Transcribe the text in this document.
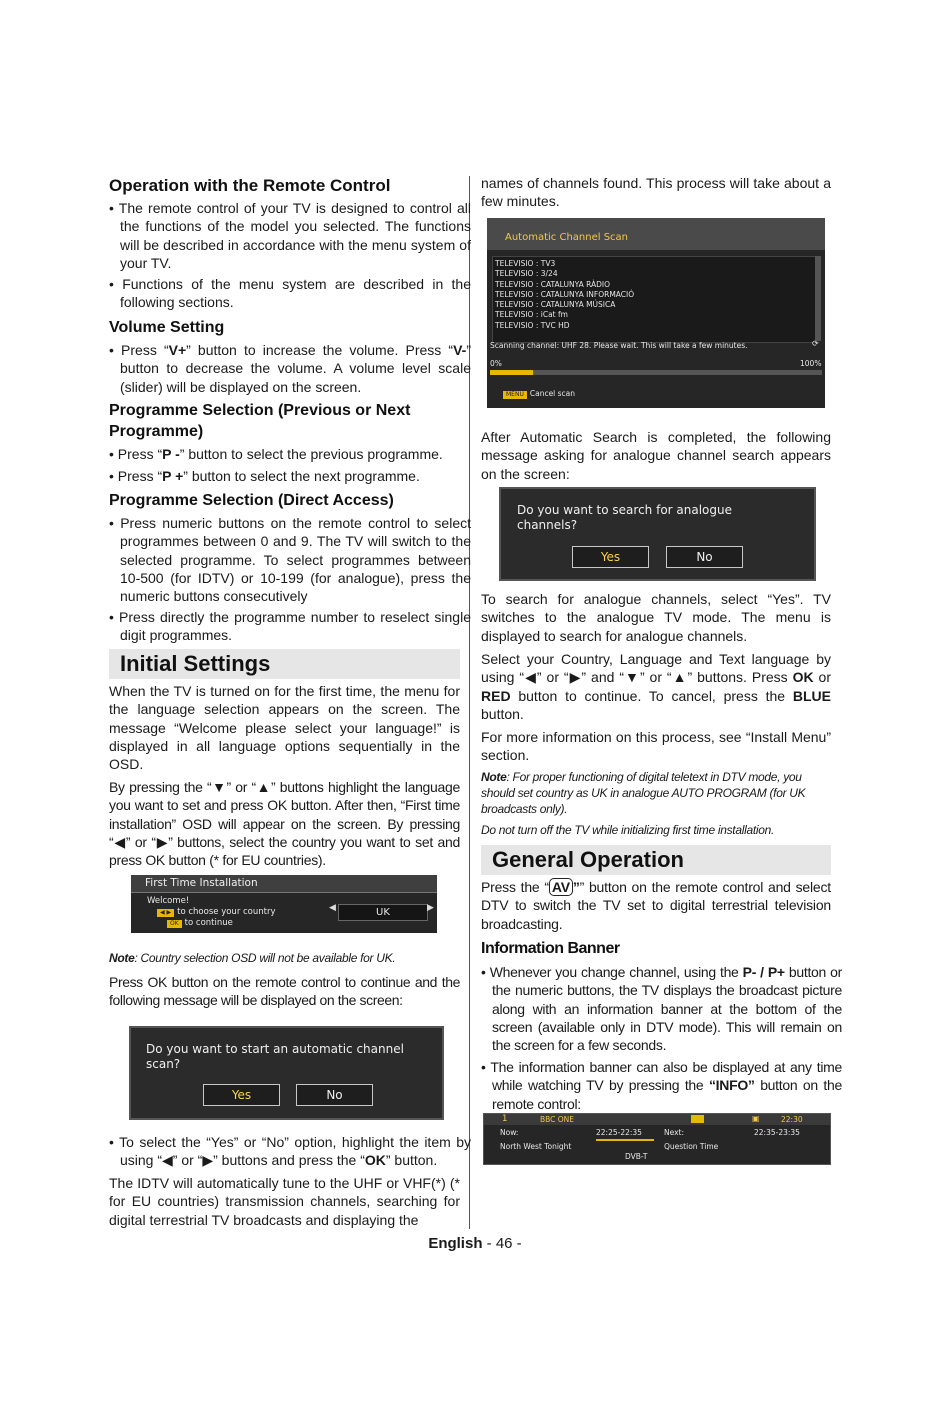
Operation with the Remote Control

• The remote control of your TV is designed to control all the functions of the model you selected. The functions will be described in accordance with the menu system of your TV.

• Functions of the menu system are described in the following sections.

Volume Setting

• Press “V+” button to increase the volume. Press “V-” button to decrease the volume. A volume level scale (slider) will be displayed on the screen.

Programme Selection (Previous or Next Programme)

• Press “P -” button to select the previous programme.

• Press “P +” button to select the next programme.

Programme Selection (Direct Access)

• Press numeric buttons on the remote control to select programmes between 0 and 9. The TV will switch to the selected programme. To select programmes between 10-500 (for IDTV) or 10-199 (for analogue), press the numeric buttons consecutively

• Press directly the programme number to reselect single digit programmes.

Initial Settings

When the TV is turned on for the first time, the menu for the language selection appears on the screen. The message “Welcome please select your language!” is displayed in all language options sequentially in the OSD.

By pressing the “▼” or “▲” buttons highlight the language you want to set and press OK button. After then, “First time installation” OSD will appear on the screen. By pressing “◀” or “▶” buttons, select the country you want to set and press OK button (* for EU countries).

First Time Installation
Welcome!
◀ ▶ to choose your country
OK to continue
◀	UK	▶

Note: Country selection OSD will not be available for UK.

Press OK button on the remote control to continue and the following message will be displayed on the screen:

Do you want to start an automatic channel scan?
Yes	No

• To select the “Yes” or “No” option, highlight the item by using “◀” or “▶” buttons and press the “OK” button.

The IDTV will automatically tune to the UHF or VHF(*) (* for EU countries) transmission channels, searching for digital terrestrial TV broadcasts and displaying the

names of channels found. This process will take about a few minutes.

Automatic Channel Scan
TELEVISIO : TV3
TELEVISIO : 3/24
TELEVISIO : CATALUNYA RÀDIO
TELEVISIO : CATALUNYA INFORMACIÓ
TELEVISIO : CATALUNYA MÚSICA
TELEVISIO : iCat fm
TELEVISIO : TVC HD
Scanning channel: UHF 28. Please wait. This will take a few minutes.	⟳
0%	100%
MENU Cancel scan

After Automatic Search is completed, the following message asking for analogue channel search appears on the screen:

Do you want to search for analogue channels?
Yes	No

To search for analogue channels, select “Yes”. TV switches to the analogue TV mode. The menu is displayed to search for analogue channels.

Select your Country, Language and Text language by using “◀” or “▶” and “▼” or “▲” buttons. Press OK or RED button to continue. To cancel, press the BLUE button.

For more information on this process, see “Install Menu” section.

Note: For proper functioning of digital teletext in DTV mode, you should set country as UK in analogue AUTO PROGRAM (for UK broadcasts only).

Do not turn off the TV while initializing first time installation.

General Operation

Press the “ AV ”” button on the remote control and select DTV to switch the TV set to digital terrestrial television broadcasting.

Information Banner

• Whenever you change channel, using the P- / P+ button or the numeric buttons, the TV displays the broadcast picture along with an information banner at the bottom of the screen (available only in DTV mode). This will remain on the screen for a few seconds.

• The information banner can also be displayed at any time while watching TV by pressing the “INFO” button on the remote control:

1	BBC ONE	▣	22:30
Now:	22:25-22:35
North West Tonight
Next:	22:35-23:35
Question Time
DVB-T
English - 46 -
